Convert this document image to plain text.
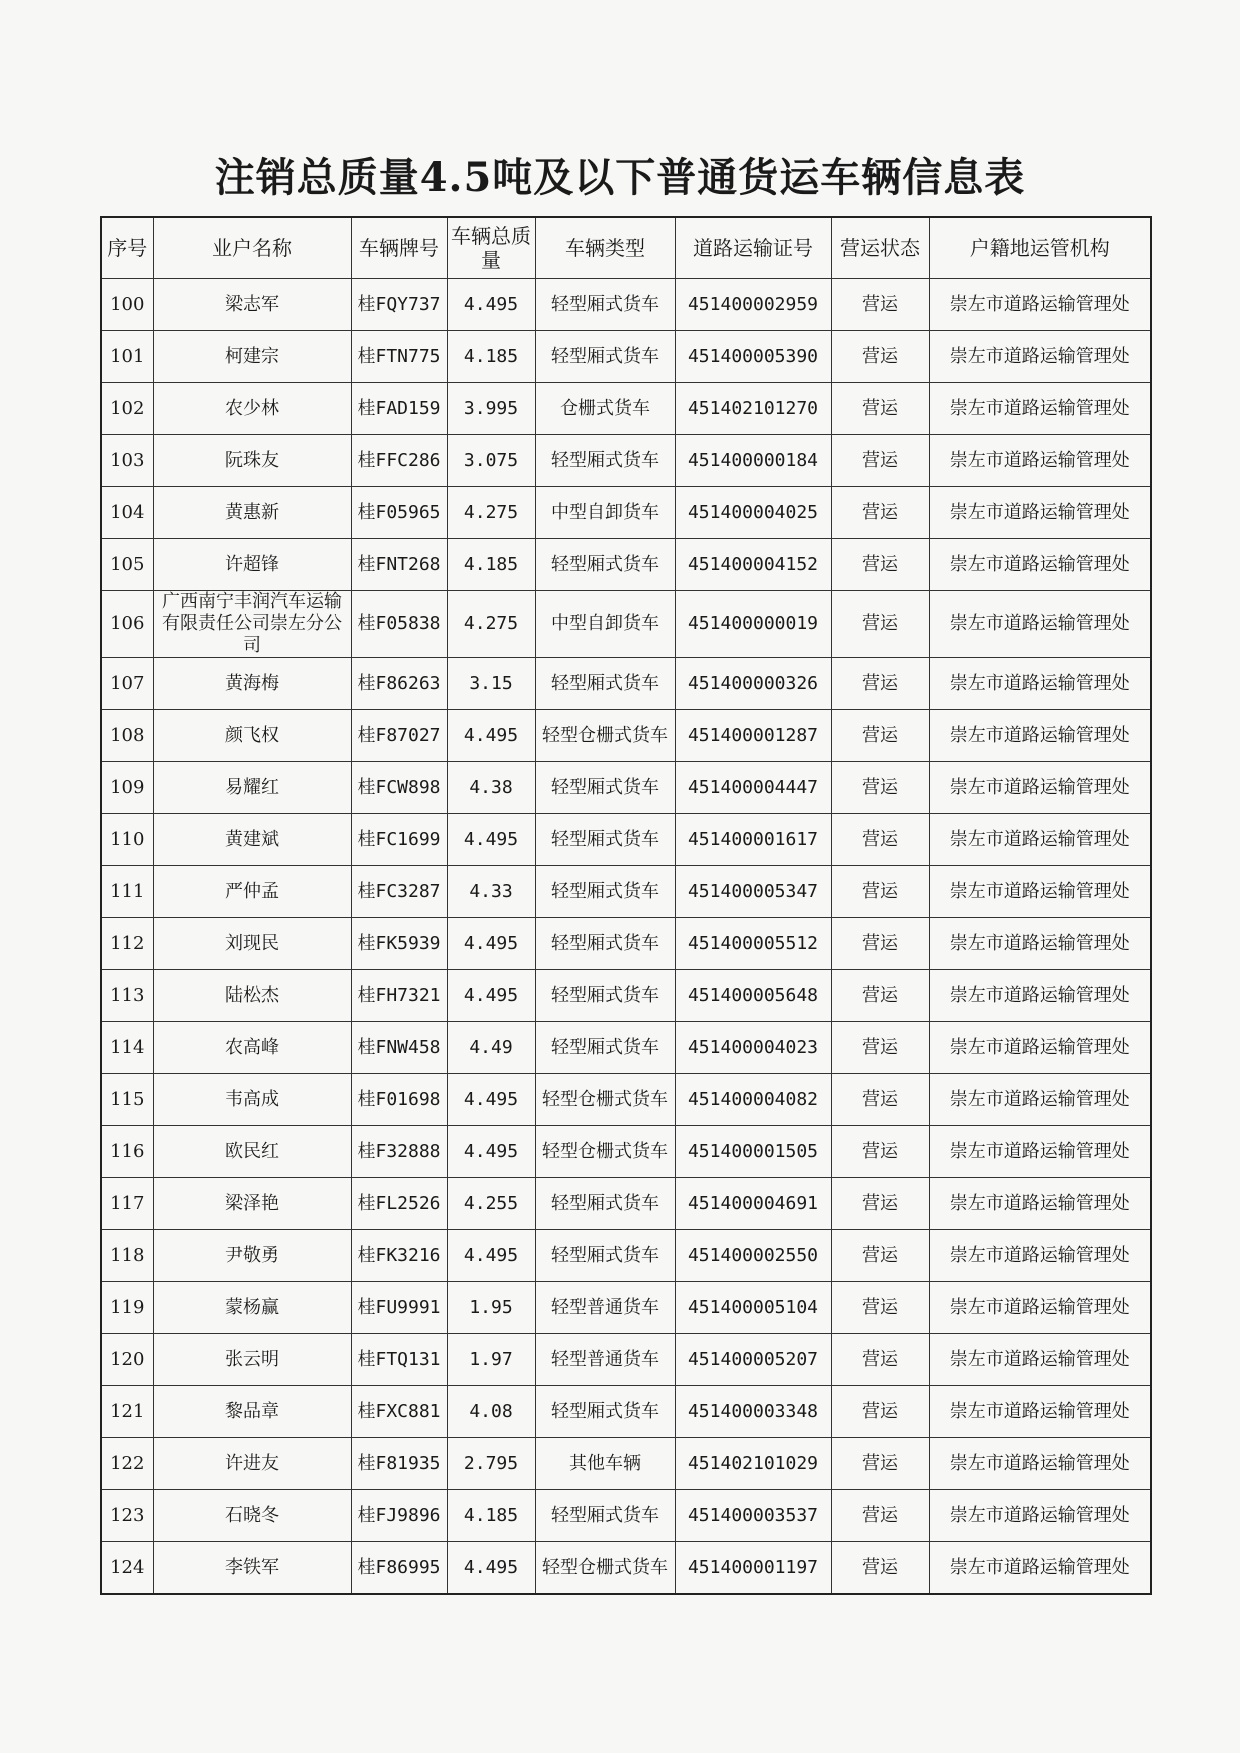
注销总质量4.5吨及以下普通货运车辆信息表
序号	业户名称	车辆牌号	车辆总质量	车辆类型	道路运输证号	营运状态	户籍地运管机构
100	梁志军	桂FQY737	4.495	轻型厢式货车	451400002959	营运	崇左市道路运输管理处
101	柯建宗	桂FTN775	4.185	轻型厢式货车	451400005390	营运	崇左市道路运输管理处
102	农少林	桂FAD159	3.995	仓栅式货车	451402101270	营运	崇左市道路运输管理处
103	阮珠友	桂FFC286	3.075	轻型厢式货车	451400000184	营运	崇左市道路运输管理处
104	黄惠新	桂F05965	4.275	中型自卸货车	451400004025	营运	崇左市道路运输管理处
105	许超锋	桂FNT268	4.185	轻型厢式货车	451400004152	营运	崇左市道路运输管理处
106	广西南宁丰润汽车运输有限责任公司崇左分公司	桂F05838	4.275	中型自卸货车	451400000019	营运	崇左市道路运输管理处
107	黄海梅	桂F86263	3.15	轻型厢式货车	451400000326	营运	崇左市道路运输管理处
108	颜飞权	桂F87027	4.495	轻型仓栅式货车	451400001287	营运	崇左市道路运输管理处
109	易耀红	桂FCW898	4.38	轻型厢式货车	451400004447	营运	崇左市道路运输管理处
110	黄建斌	桂FC1699	4.495	轻型厢式货车	451400001617	营运	崇左市道路运输管理处
111	严仲孟	桂FC3287	4.33	轻型厢式货车	451400005347	营运	崇左市道路运输管理处
112	刘现民	桂FK5939	4.495	轻型厢式货车	451400005512	营运	崇左市道路运输管理处
113	陆松杰	桂FH7321	4.495	轻型厢式货车	451400005648	营运	崇左市道路运输管理处
114	农高峰	桂FNW458	4.49	轻型厢式货车	451400004023	营运	崇左市道路运输管理处
115	韦高成	桂F01698	4.495	轻型仓栅式货车	451400004082	营运	崇左市道路运输管理处
116	欧民红	桂F32888	4.495	轻型仓栅式货车	451400001505	营运	崇左市道路运输管理处
117	梁泽艳	桂FL2526	4.255	轻型厢式货车	451400004691	营运	崇左市道路运输管理处
118	尹敬勇	桂FK3216	4.495	轻型厢式货车	451400002550	营运	崇左市道路运输管理处
119	蒙杨赢	桂FU9991	1.95	轻型普通货车	451400005104	营运	崇左市道路运输管理处
120	张云明	桂FTQ131	1.97	轻型普通货车	451400005207	营运	崇左市道路运输管理处
121	黎品章	桂FXC881	4.08	轻型厢式货车	451400003348	营运	崇左市道路运输管理处
122	许进友	桂F81935	2.795	其他车辆	451402101029	营运	崇左市道路运输管理处
123	石晓冬	桂FJ9896	4.185	轻型厢式货车	451400003537	营运	崇左市道路运输管理处
124	李铁军	桂F86995	4.495	轻型仓栅式货车	451400001197	营运	崇左市道路运输管理处
